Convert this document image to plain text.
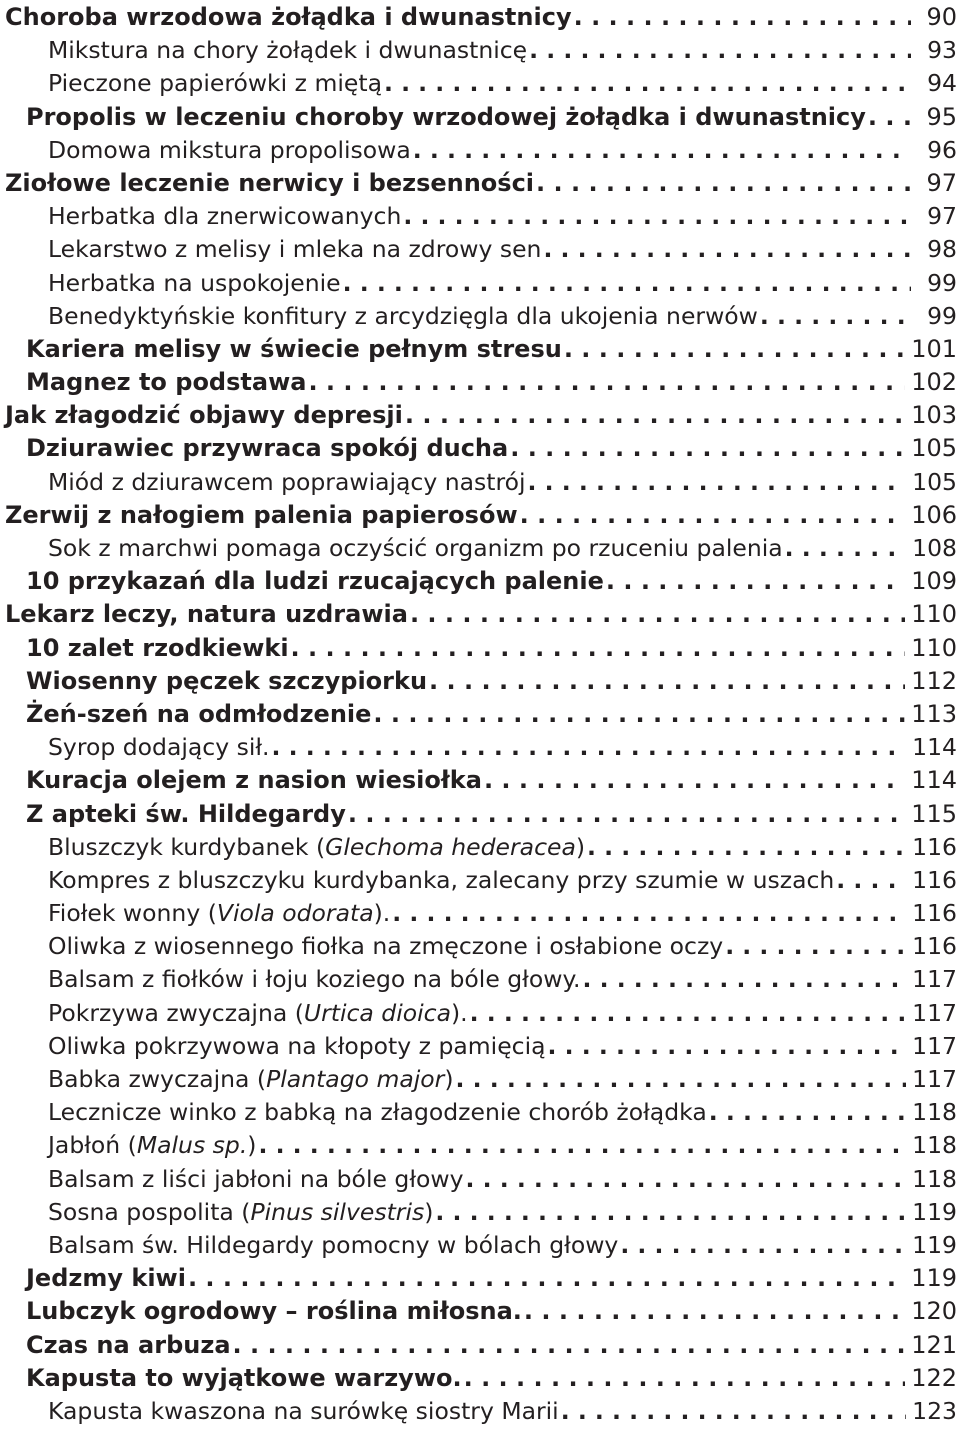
Choroba wrzodowa żołądka i dwunastnicy . . .	90
Mikstura na chory żołądek i dwunastnicę . . .	93
Pieczone papierówki z miętą . . .	94
Propolis w leczeniu choroby wrzodowej żołądka i dwunastnicy . . .	95
Domowa mikstura propolisowa . . .	96
Ziołowe leczenie nerwicy i bezsenności . . .	97
Herbatka dla znerwicowanych . . .	97
Lekarstwo z melisy i mleka na zdrowy sen . . .	98
Herbatka na uspokojenie . . .	99
Benedyktyńskie konfitury z arcydzięgla dla ukojenia nerwów . . .	99
Kariera melisy w świecie pełnym stresu . . .	101
Magnez to podstawa . . .	102
Jak złagodzić objawy depresji . . .	103
Dziurawiec przywraca spokój ducha . . .	105
Miód z dziurawcem poprawiający nastrój . . .	105
Zerwij z nałogiem palenia papierosów . . .	106
Sok z marchwi pomaga oczyścić organizm po rzuceniu palenia . . .	108
10 przykazań dla ludzi rzucających palenie . . .	109
Lekarz leczy, natura uzdrawia . . .	110
10 zalet rzodkiewki . . .	110
Wiosenny pęczek szczypiorku . . .	112
Żeń-szeń na odmłodzenie . . .	113
Syrop dodający sił. . . .	114
Kuracja olejem z nasion wiesiołka . . .	114
Z apteki św. Hildegardy . . .	115
Bluszczyk kurdybanek (Glechoma hederacea) . . .	116
Kompres z bluszczyku kurdybanka, zalecany przy szumie w uszach . . .	116
Fiołek wonny (Viola odorata). . . .	116
Oliwka z wiosennego fiołka na zmęczone i osłabione oczy . . .	116
Balsam z fiołków i łoju koziego na bóle głowy. . . .	117
Pokrzywa zwyczajna (Urtica dioica). . . .	117
Oliwka pokrzywowa na kłopoty z pamięcią . . .	117
Babka zwyczajna (Plantago major) . . .	117
Lecznicze winko z babką na złagodzenie chorób żołądka . . .	118
Jabłoń (Malus sp.) . . .	118
Balsam z liści jabłoni na bóle głowy . . .	118
Sosna pospolita (Pinus silvestris) . . .	119
Balsam św. Hildegardy pomocny w bólach głowy . . .	119
Jedzmy kiwi . . .	119
Lubczyk ogrodowy – roślina miłosna. . . .	120
Czas na arbuza . . .	121
Kapusta to wyjątkowe warzywo. . . .	122
Kapusta kwaszona na surówkę siostry Marii . . .	123
